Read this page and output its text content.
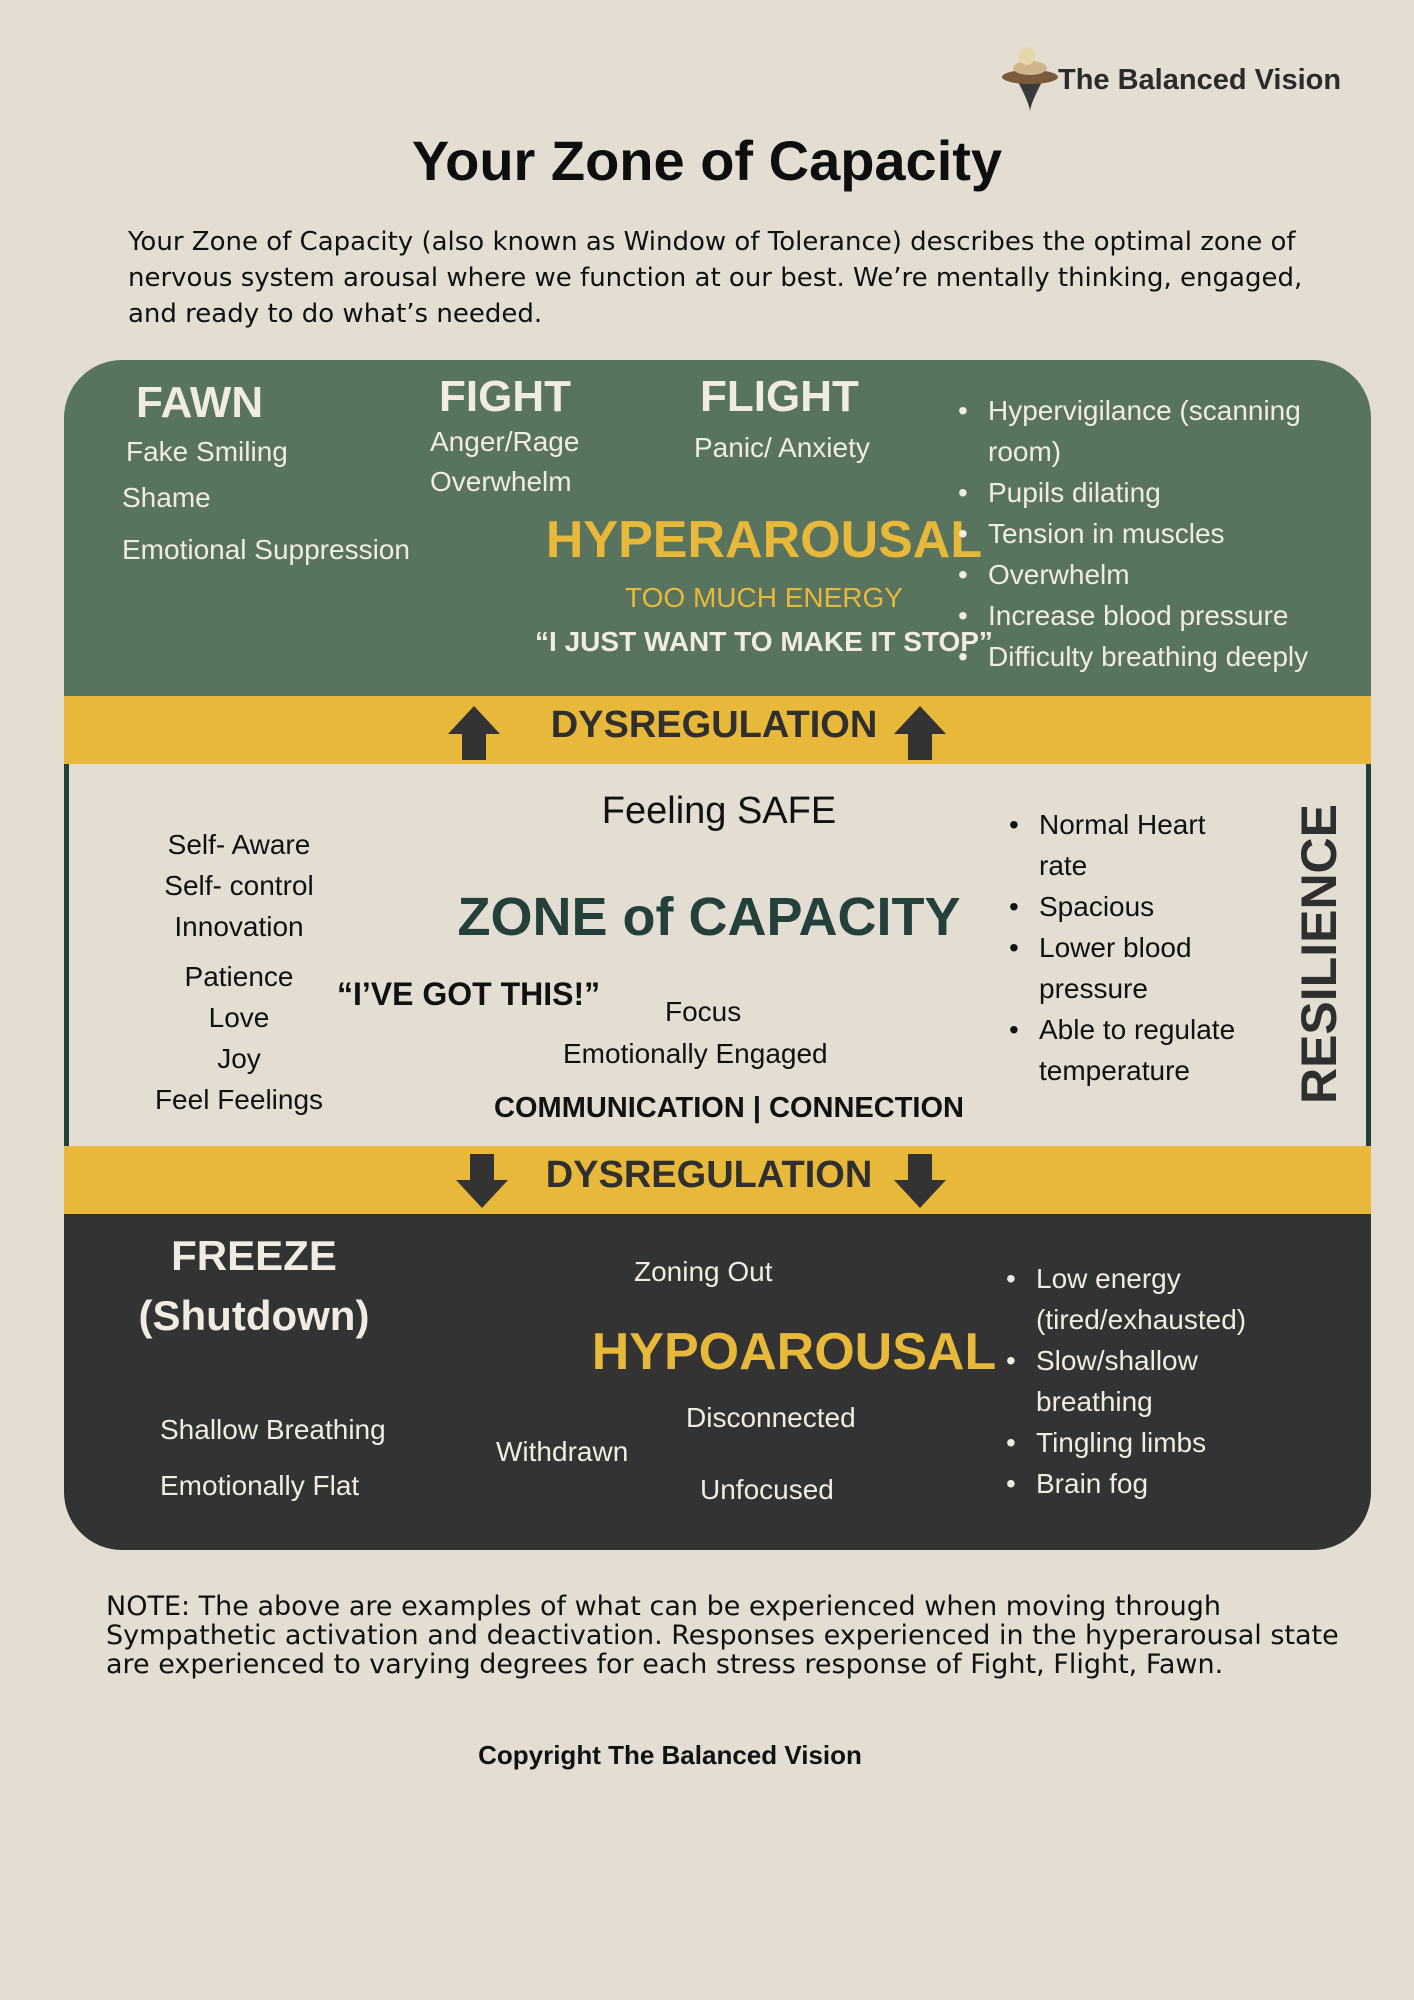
The Balanced Vision
Your Zone of Capacity

Your Zone of Capacity (also known as Window of Tolerance) describes the optimal zone of nervous system arousal where we function at our best. We’re mentally thinking, engaged, and ready to do what’s needed.

FAWN
Fake Smiling
Shame
Emotional Suppression
FIGHT
Anger/Rage
Overwhelm
FLIGHT
Panic/ Anxiety
HYPERAROUSAL
TOO MUCH ENERGY
“I JUST WANT TO MAKE IT STOP”
• Hypervigilance (scanning
room)
• Pupils dilating
• Tension in muscles
• Overwhelm
• Increase blood pressure
• Difficulty breathing deeply
DYSREGULATION
Feeling SAFE
ZONE of CAPACITY
Self- Aware
Self- control
Innovation
Patience
Love
Joy
Feel Feelings
“I’VE GOT THIS!” Focus
Emotionally Engaged
COMMUNICATION | CONNECTION
• Normal Heart
rate
• Spacious
• Lower blood
pressure
• Able to regulate
temperature	RESILIENCE
DYSREGULATION
FREEZE
(Shutdown)
Zoning Out
HYPOAROUSAL
Shallow Breathing
Emotionally Flat
Withdrawn
Disconnected
Unfocused
• Low energy
(tired/exhausted)
• Slow/shallow
breathing
• Tingling limbs
• Brain fog

NOTE: The above are examples of what can be experienced when moving through Sympathetic activation and deactivation. Responses experienced in the hyperarousal state are experienced to varying degrees for each stress response of Fight, Flight, Fawn.

Copyright The Balanced Vision
